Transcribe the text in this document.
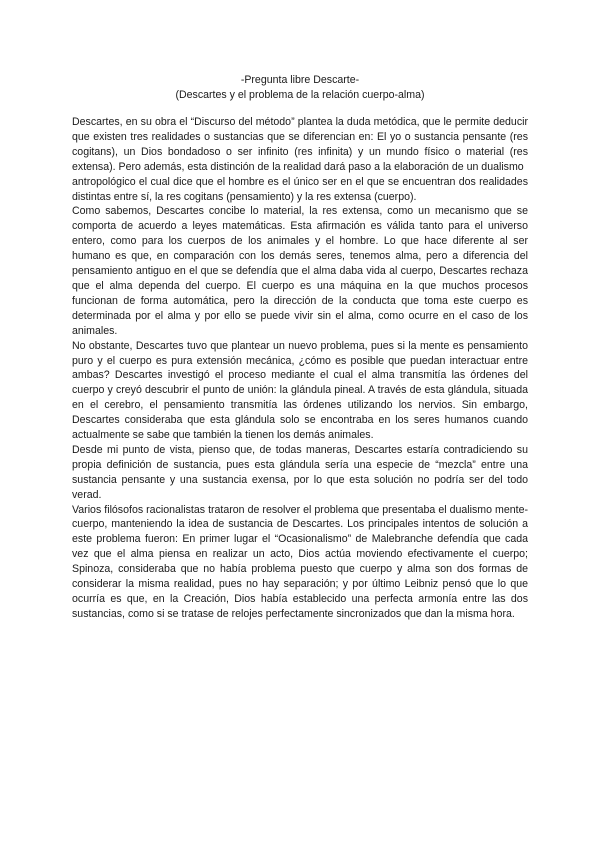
-Pregunta libre Descarte-

(Descartes y el problema de la relación cuerpo-alma)

Descartes, en su obra el “Discurso del método” plantea la duda metódica, que le permite deducir que existen tres realidades o sustancias que se diferencian en: El yo o sustancia pensante (res cogitans), un Dios bondadoso o ser infinito (res infinita) y un mundo físico o material (res extensa). Pero además, esta distinción de la realidad dará paso a la elaboración de un dualismo

antropológico el cual dice que el hombre es el único ser en el que se encuentran dos realidades distintas entre sí, la res cogitans (pensamiento) y la res extensa (cuerpo).

Como sabemos, Descartes concibe lo material, la res extensa, como un mecanismo que se comporta de acuerdo a leyes matemáticas. Esta afirmación es válida tanto para el universo entero, como para los cuerpos de los animales y el hombre. Lo que hace diferente al ser humano es que, en comparación con los demás seres, tenemos alma, pero a diferencia del pensamiento antiguo en el que se defendía que el alma daba vida al cuerpo, Descartes rechaza que el alma dependa del cuerpo. El cuerpo es una máquina en la que muchos procesos funcionan de forma automática, pero la dirección de la conducta que toma este cuerpo es determinada por el alma y por ello se puede vivir sin el alma, como ocurre en el caso de los animales.

No obstante, Descartes tuvo que plantear un nuevo problema, pues si la mente es pensamiento puro y el cuerpo es pura extensión mecánica, ¿cómo es posible que puedan interactuar entre ambas? Descartes investigó el proceso mediante el cual el alma transmitía las órdenes del cuerpo y creyó descubrir el punto de unión: la glándula pineal. A través de esta glándula, situada en el cerebro, el pensamiento transmitía las órdenes utilizando los nervios. Sin embargo, Descartes consideraba que esta glándula solo se encontraba en los seres humanos cuando actualmente se sabe que también la tienen los demás animales.

Desde mi punto de vista, pienso que, de todas maneras, Descartes estaría contradiciendo su propia definición de sustancia, pues esta glándula sería una especie de “mezcla” entre una sustancia pensante y una sustancia exensa, por lo que esta solución no podría ser del todo verad.

Varios filósofos racionalistas trataron de resolver el problema que presentaba el dualismo mente-cuerpo, manteniendo la idea de sustancia de Descartes. Los principales intentos de solución a este problema fueron: En primer lugar el “Ocasionalismo” de Malebranche defendía que cada vez que el alma piensa en realizar un acto, Dios actúa moviendo efectivamente el cuerpo; Spinoza, consideraba que no había problema puesto que cuerpo y alma son dos formas de considerar la misma realidad, pues no hay separación; y por último Leibniz pensó que lo que ocurría es que, en la Creación, Dios había establecido una perfecta armonía entre las dos sustancias, como si se tratase de relojes perfectamente sincronizados que dan la misma hora.
